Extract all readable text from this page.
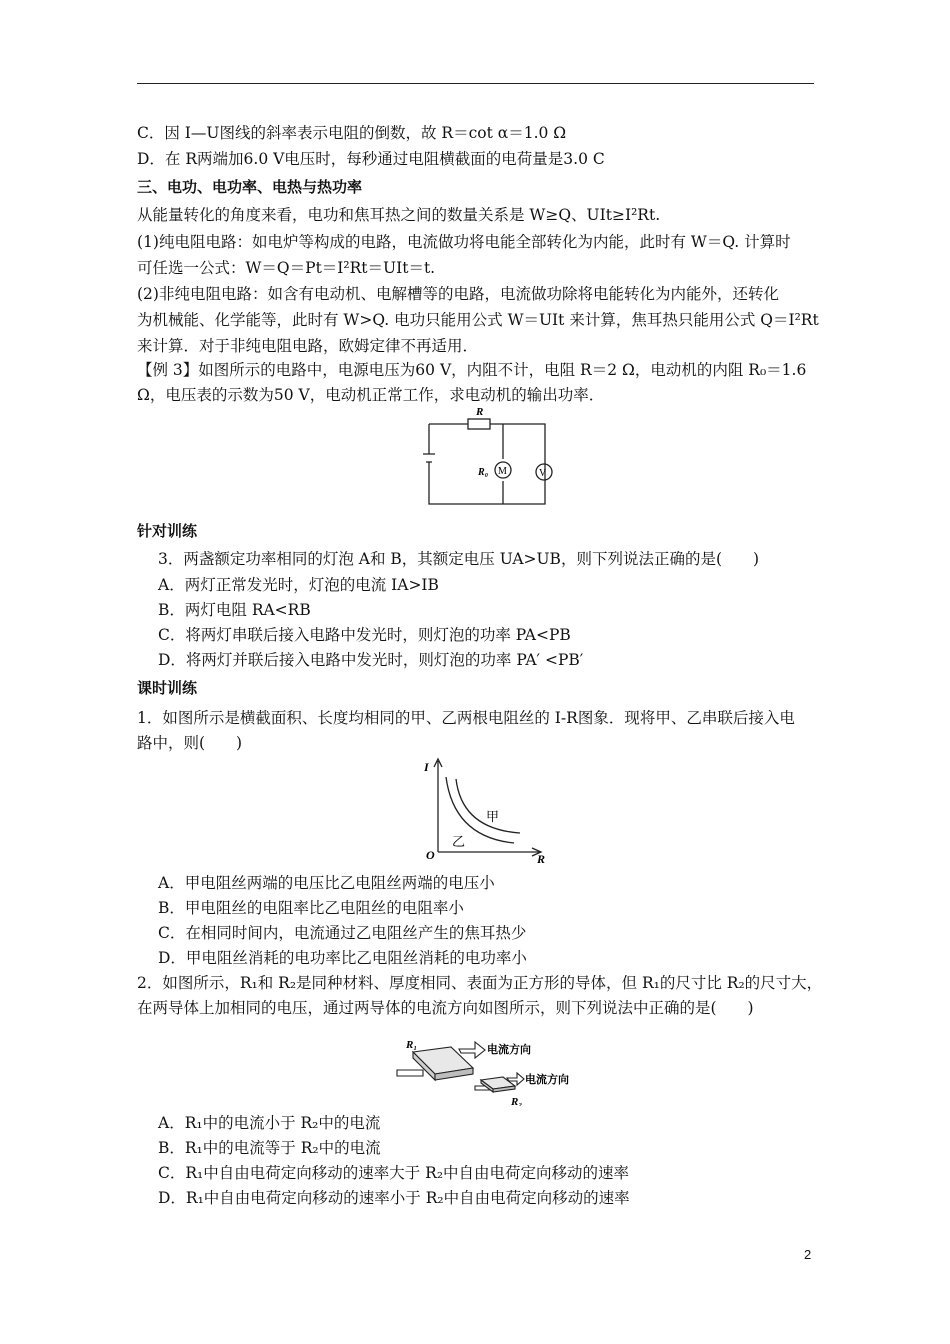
C．因 I—U图线的斜率表示电阻的倒数，故 R＝cot α＝1.0 Ω
D．在 R两端加6.0 V电压时，每秒通过电阻横截面的电荷量是3.0 C
三、电功、电功率、电热与热功率
从能量转化的角度来看，电功和焦耳热之间的数量关系是 W≥Q、UIt≥I²Rt.
(1)纯电阻电路：如电炉等构成的电路，电流做功将电能全部转化为内能，此时有 W＝Q. 计算时
可任选一公式：W＝Q＝Pt＝I²Rt＝UIt＝t.
(2)非纯电阻电路：如含有电动机、电解槽等的电路，电流做功除将电能转化为内能外，还转化
为机械能、化学能等，此时有 W>Q. 电功只能用公式 W＝UIt 来计算，焦耳热只能用公式 Q＝I²Rt
来计算．对于非纯电阻电路，欧姆定律不再适用．
【例 3】如图所示的电路中，电源电压为60 V，内阻不计，电阻 R＝2 Ω，电动机的内阻 R₀＝1.6
Ω，电压表的示数为50 V，电动机正常工作，求电动机的输出功率．
R
R₀ M	V
针对训练
3．两盏额定功率相同的灯泡 A和 B，其额定电压 UA>UB，则下列说法正确的是(　　)
A．两灯正常发光时，灯泡的电流 IA>IB
B．两灯电阻 RA<RB
C．将两灯串联后接入电路中发光时，则灯泡的功率 PA<PB
D．将两灯并联后接入电路中发光时，则灯泡的功率 PA′ <PB′
课时训练
1．如图所示是横截面积、长度均相同的甲、乙两根电阻丝的 I-R图象．现将甲、乙串联后接入电
路中，则(　　)
I
R
O
甲
乙
A．甲电阻丝两端的电压比乙电阻丝两端的电压小
B．甲电阻丝的电阻率比乙电阻丝的电阻率小
C．在相同时间内，电流通过乙电阻丝产生的焦耳热少
D．甲电阻丝消耗的电功率比乙电阻丝消耗的电功率小
2．如图所示，R₁和 R₂是同种材料、厚度相同、表面为正方形的导体，但 R₁的尺寸比 R₂的尺寸大，
在两导体上加相同的电压，通过两导体的电流方向如图所示，则下列说法中正确的是(　　)
R₁
R₂
电流方向
电流方向
A．R₁中的电流小于 R₂中的电流
B．R₁中的电流等于 R₂中的电流
C．R₁中自由电荷定向移动的速率大于 R₂中自由电荷定向移动的速率
D．R₁中自由电荷定向移动的速率小于 R₂中自由电荷定向移动的速率
2
